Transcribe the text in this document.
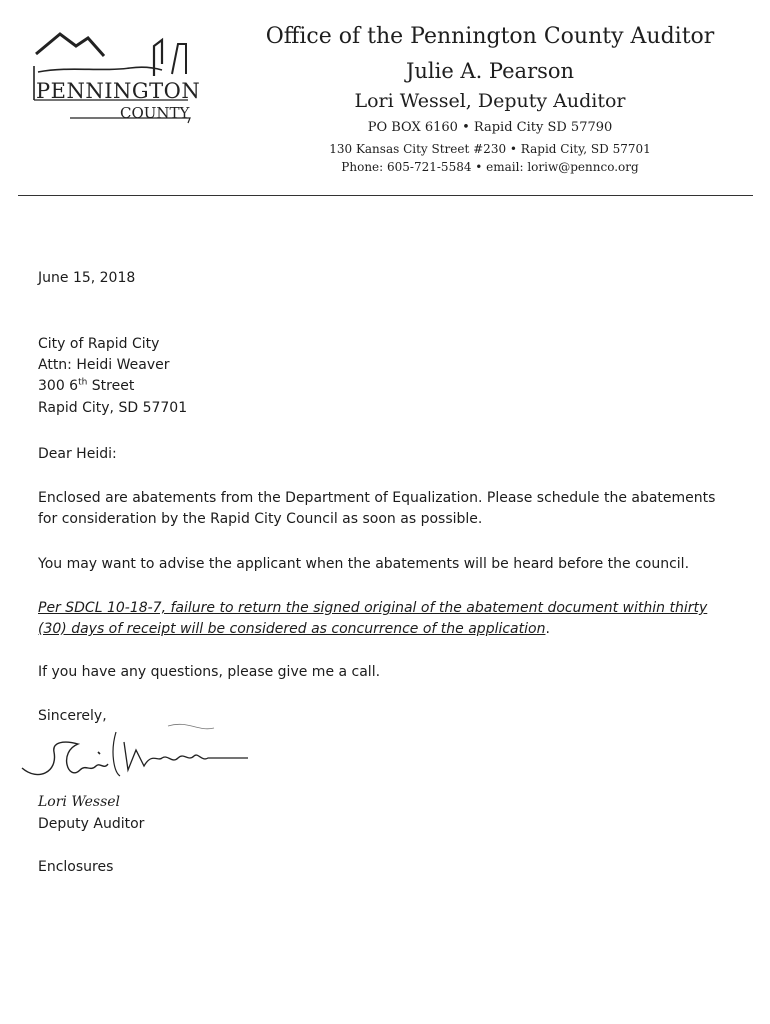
PENNINGTON
COUNTY
Office of the Pennington County Auditor
Julie A. Pearson
Lori Wessel, Deputy Auditor
PO BOX 6160 • Rapid City SD 57790
130 Kansas City Street #230 • Rapid City, SD 57701
Phone: 605-721-5584 • email: loriw@pennco.org
June 15, 2018
City of Rapid City
Attn: Heidi Weaver
300 6th Street
Rapid City, SD 57701
Dear Heidi:
Enclosed are abatements from the Department of Equalization. Please schedule the abatements
for consideration by the Rapid City Council as soon as possible.
You may want to advise the applicant when the abatements will be heard before the council.
Per SDCL 10-18-7, failure to return the signed original of the abatement document within thirty
(30) days of receipt will be considered as concurrence of the application.
If you have any questions, please give me a call.
Sincerely,
Lori Wessel
Deputy Auditor
Enclosures
